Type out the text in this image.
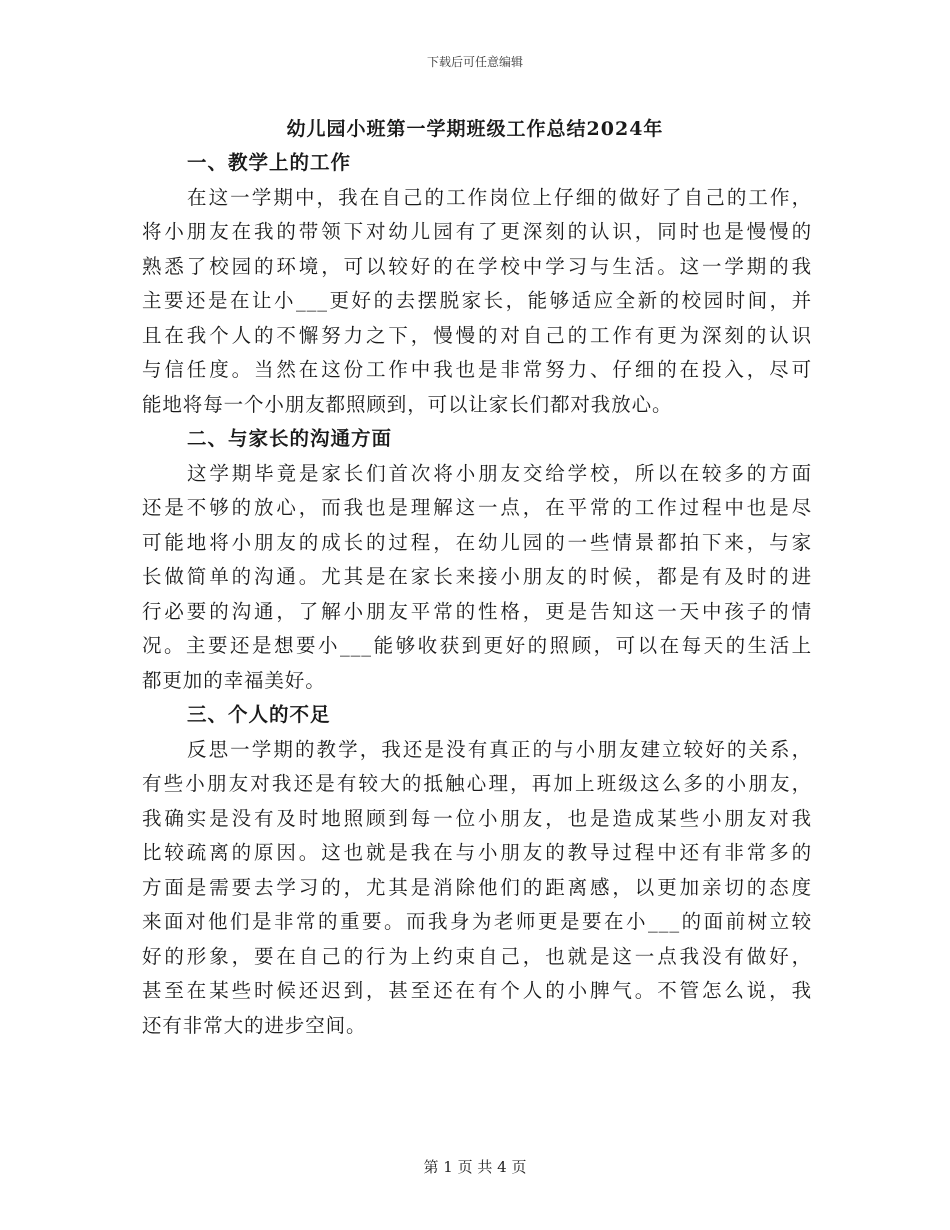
下载后可任意编辑
幼儿园小班第一学期班级工作总结2024年
一、教学上的工作
在这一学期中，我在自己的工作岗位上仔细的做好了自己的工作，
将小朋友在我的带领下对幼儿园有了更深刻的认识，同时也是慢慢的
熟悉了校园的环境，可以较好的在学校中学习与生活。这一学期的我
主要还是在让小___更好的去摆脱家长，能够适应全新的校园时间，并
且在我个人的不懈努力之下，慢慢的对自己的工作有更为深刻的认识
与信任度。当然在这份工作中我也是非常努力、仔细的在投入，尽可
能地将每一个小朋友都照顾到，可以让家长们都对我放心。
二、与家长的沟通方面
这学期毕竟是家长们首次将小朋友交给学校，所以在较多的方面
还是不够的放心，而我也是理解这一点，在平常的工作过程中也是尽
可能地将小朋友的成长的过程，在幼儿园的一些情景都拍下来，与家
长做简单的沟通。尤其是在家长来接小朋友的时候，都是有及时的进
行必要的沟通，了解小朋友平常的性格，更是告知这一天中孩子的情
况。主要还是想要小___能够收获到更好的照顾，可以在每天的生活上
都更加的幸福美好。
三、个人的不足
反思一学期的教学，我还是没有真正的与小朋友建立较好的关系，
有些小朋友对我还是有较大的抵触心理，再加上班级这么多的小朋友，
我确实是没有及时地照顾到每一位小朋友，也是造成某些小朋友对我
比较疏离的原因。这也就是我在与小朋友的教导过程中还有非常多的
方面是需要去学习的，尤其是消除他们的距离感，以更加亲切的态度
来面对他们是非常的重要。而我身为老师更是要在小___的面前树立较
好的形象，要在自己的行为上约束自己，也就是这一点我没有做好，
甚至在某些时候还迟到，甚至还在有个人的小脾气。不管怎么说，我
还有非常大的进步空间。
第 1 页 共 4 页
